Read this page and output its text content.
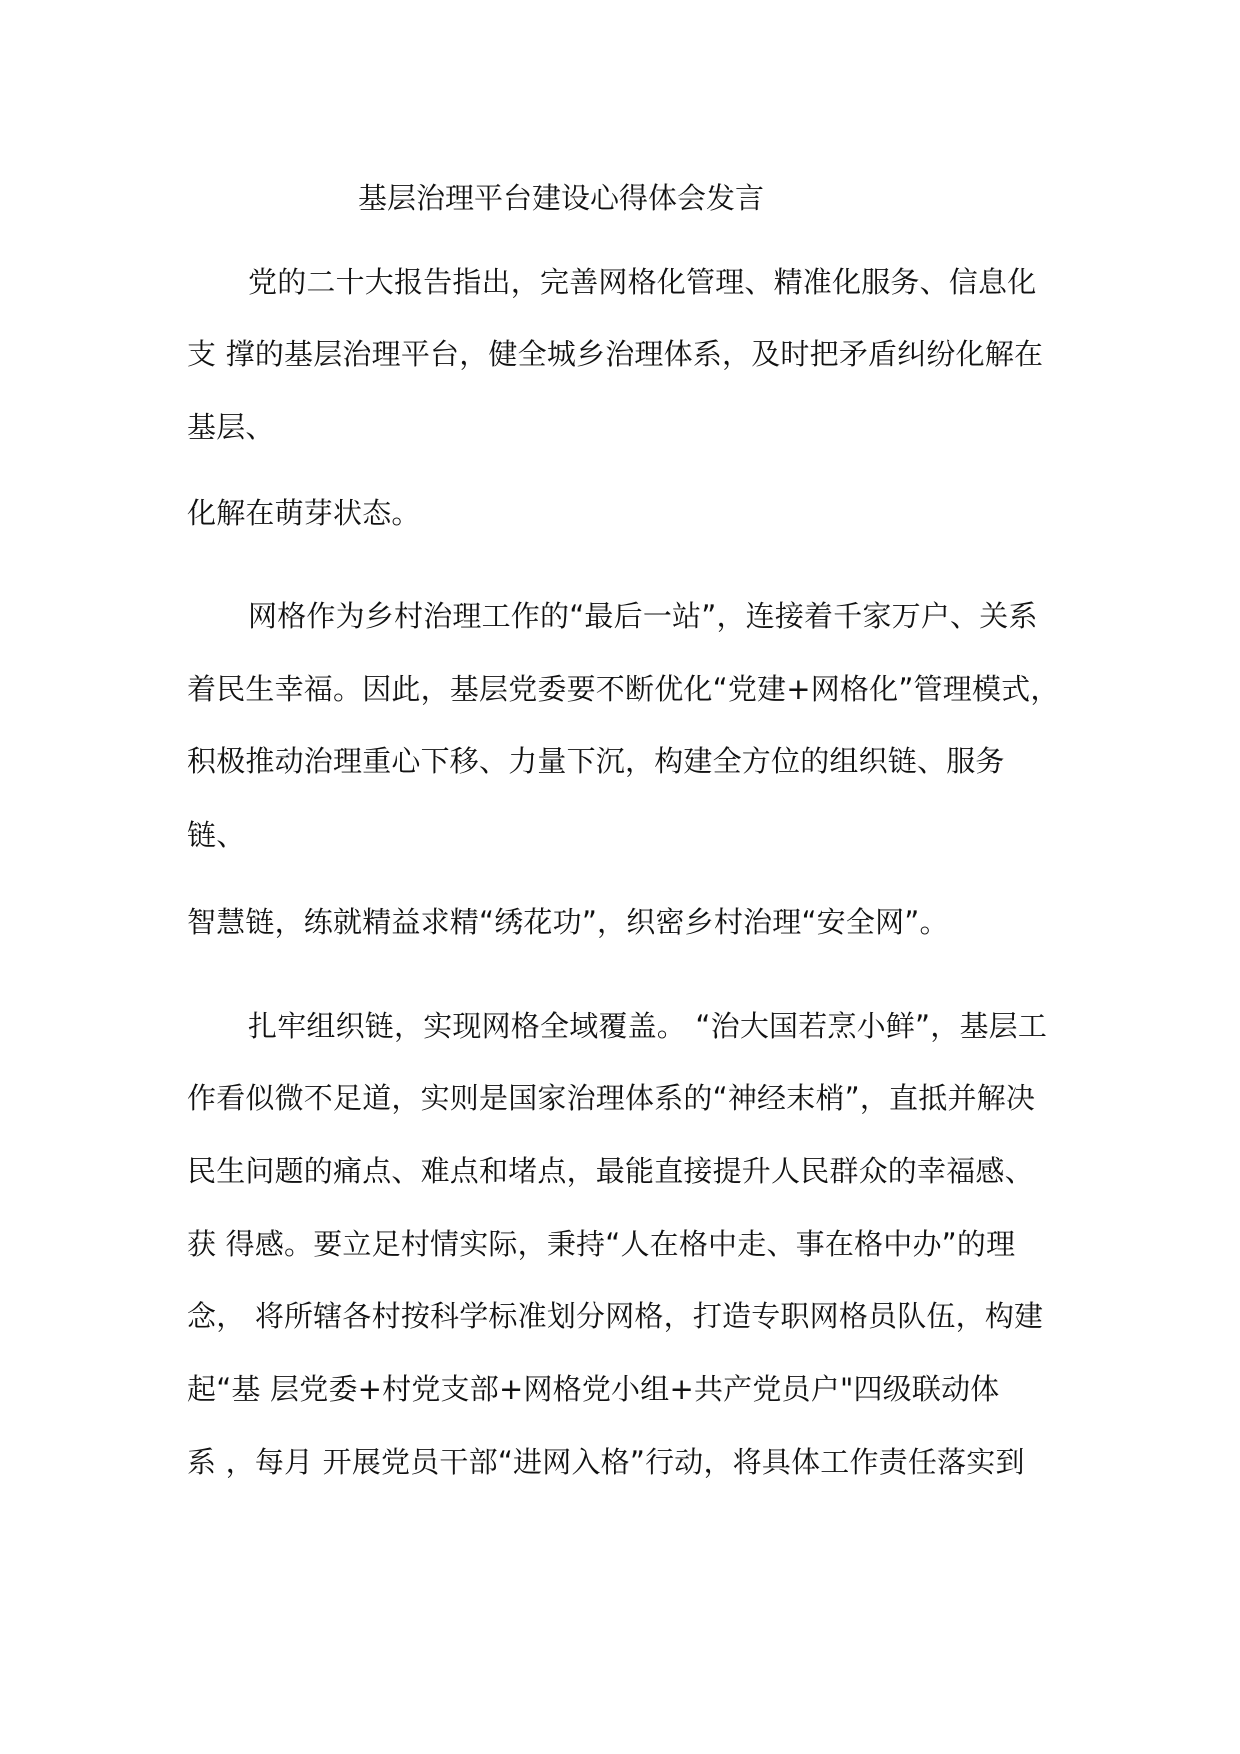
基层治理平台建设心得体会发言
党的二十大报告指出，完善网格化管理、精准化服务、信息化
支 撑的基层治理平台，健全城乡治理体系，及时把矛盾纠纷化解在
基层、
化解在萌芽状态。
网格作为乡村治理工作的“最后一站”，连接着千家万户、关系
着民生幸福。因此，基层党委要不断优化“党建+网格化”管理模式，
积极推动治理重心下移、力量下沉，构建全方位的组织链、服务
链、
智慧链，练就精益求精“绣花功”，织密乡村治理“安全网”。
扎牢组织链，实现网格全域覆盖。 “治大国若烹小鲜”，基层工
作看似微不足道，实则是国家治理体系的“神经末梢”，直抵并解决
民生问题的痛点、难点和堵点，最能直接提升人民群众的幸福感、
获 得感。要立足村情实际，秉持“人在格中走、事在格中办”的理
念， 将所辖各村按科学标准划分网格，打造专职网格员队伍，构建
起“基 层党委+村党支部+网格党小组+共产党员户"四级联动体
系 ，每月 开展党员干部“进网入格”行动，将具体工作责任落实到
